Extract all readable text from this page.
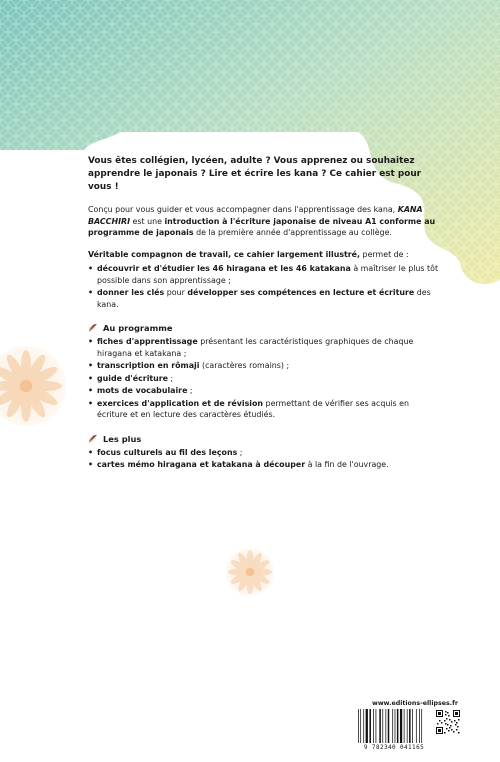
Vous êtes collégien, lycéen, adulte ? Vous apprenez ou souhaitez apprendre le japonais ? Lire et écrire les kana ? Ce cahier est pour vous !

Conçu pour vous guider et vous accompagner dans l'apprentissage des kana, KANA BACCHIRI est une introduction à l'écriture japonaise de niveau A1 conforme au programme de japonais de la première année d'apprentissage au collège.

Véritable compagnon de travail, ce cahier largement illustré, permet de :

• découvrir et d'étudier les 46 hiragana et les 46 katakana à maîtriser le plus tôt possible dans son apprentissage ;
• donner les clés pour développer ses compétences en lecture et écriture des kana.
Au programme
• fiches d'apprentissage présentant les caractéristiques graphiques de chaque hiragana et katakana ;
• transcription en rômaji (caractères romains) ;
• guide d'écriture ;
• mots de vocabulaire ;
• exercices d'application et de révision permettant de vérifier ses acquis en écriture et en lecture des caractères étudiés.
Les plus
• focus culturels au fil des leçons ;
• cartes mémo hiragana et katakana à découper à la fin de l'ouvrage.
www.editions-ellipses.fr
9 782340 041165
